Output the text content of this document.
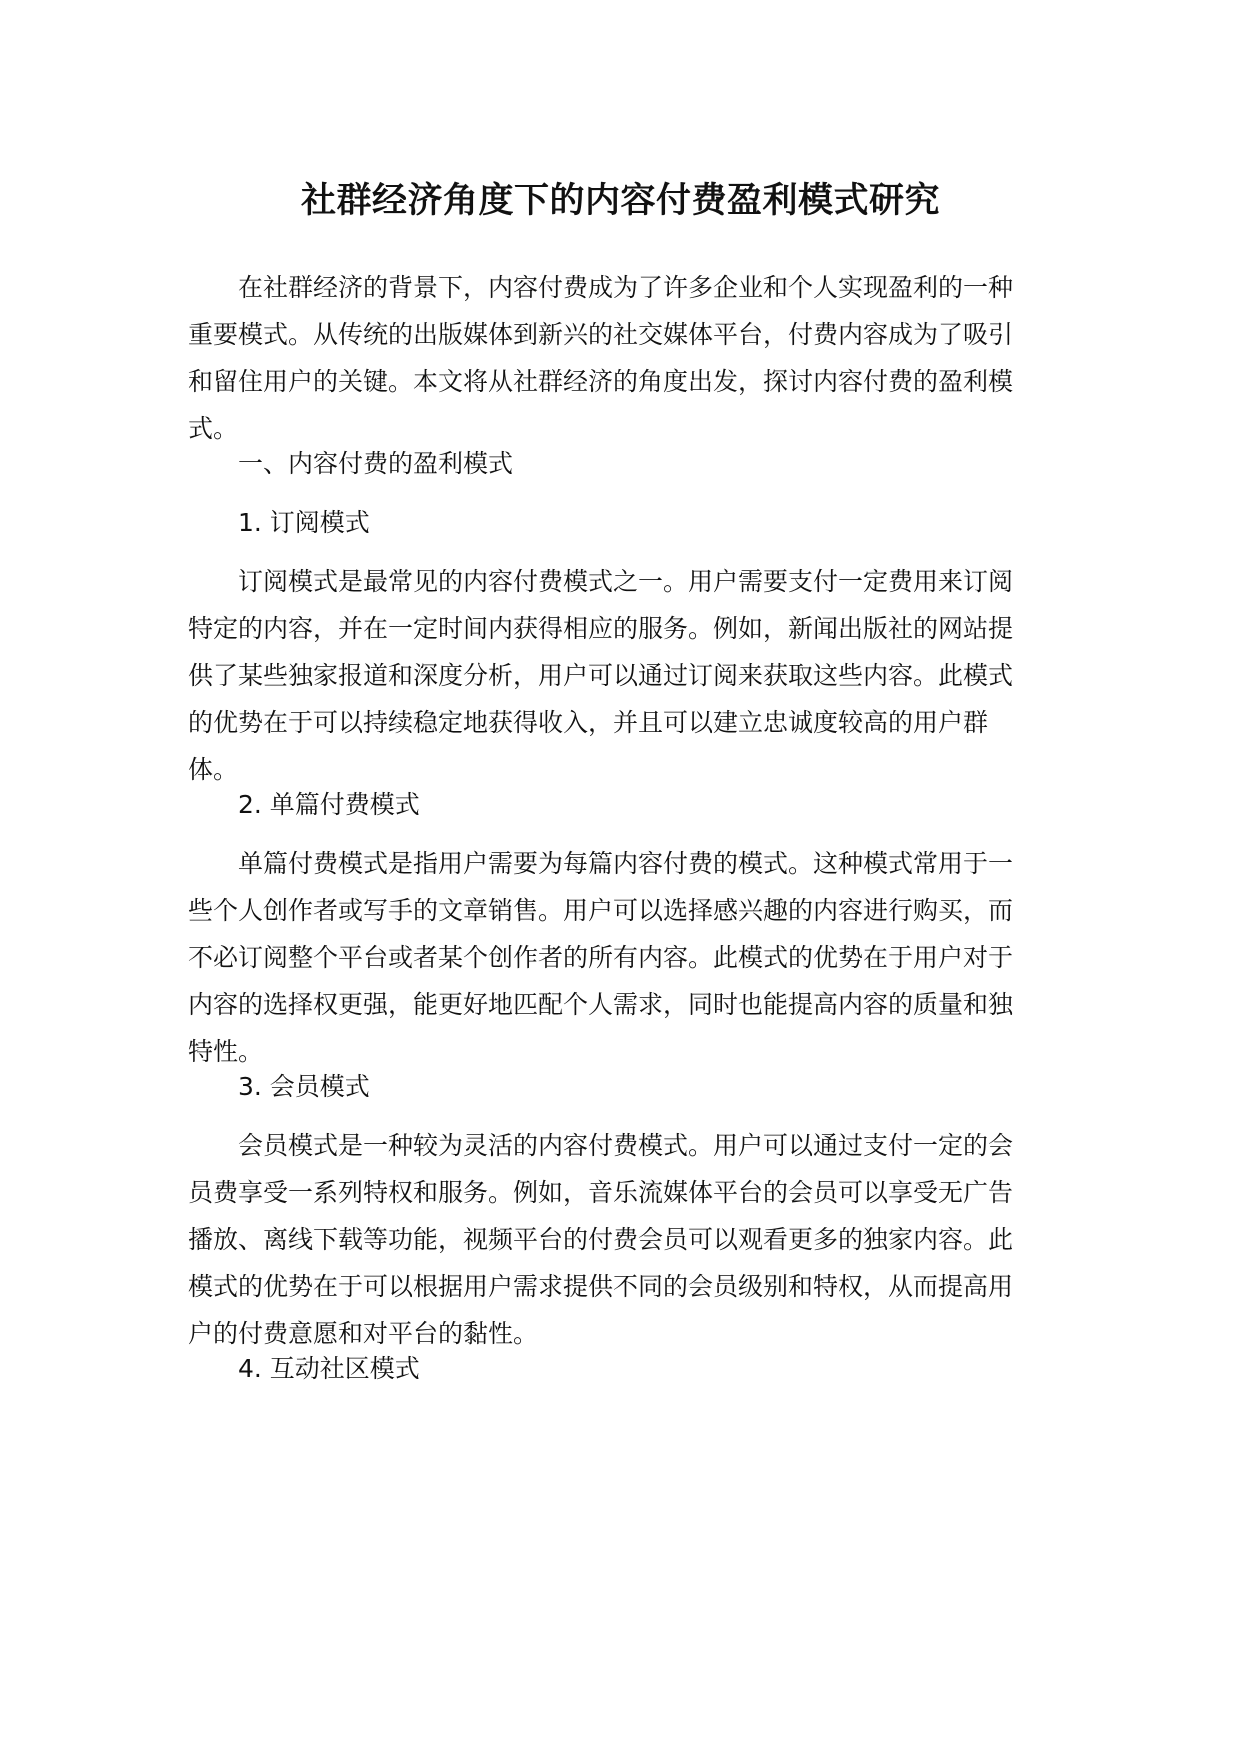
社群经济角度下的内容付费盈利模式研究

在社群经济的背景下，内容付费成为了许多企业和个人实现盈利的一种重要模式。从传统的出版媒体到新兴的社交媒体平台，付费内容成为了吸引和留住用户的关键。本文将从社群经济的角度出发，探讨内容付费的盈利模式。

一、内容付费的盈利模式

1. 订阅模式

订阅模式是最常见的内容付费模式之一。用户需要支付一定费用来订阅特定的内容，并在一定时间内获得相应的服务。例如，新闻出版社的网站提供了某些独家报道和深度分析，用户可以通过订阅来获取这些内容。此模式的优势在于可以持续稳定地获得收入，并且可以建立忠诚度较高的用户群体。

2. 单篇付费模式

单篇付费模式是指用户需要为每篇内容付费的模式。这种模式常用于一些个人创作者或写手的文章销售。用户可以选择感兴趣的内容进行购买，而不必订阅整个平台或者某个创作者的所有内容。此模式的优势在于用户对于内容的选择权更强，能更好地匹配个人需求，同时也能提高内容的质量和独特性。

3. 会员模式

会员模式是一种较为灵活的内容付费模式。用户可以通过支付一定的会员费享受一系列特权和服务。例如，音乐流媒体平台的会员可以享受无广告播放、离线下载等功能，视频平台的付费会员可以观看更多的独家内容。此模式的优势在于可以根据用户需求提供不同的会员级别和特权，从而提高用户的付费意愿和对平台的黏性。

4. 互动社区模式
